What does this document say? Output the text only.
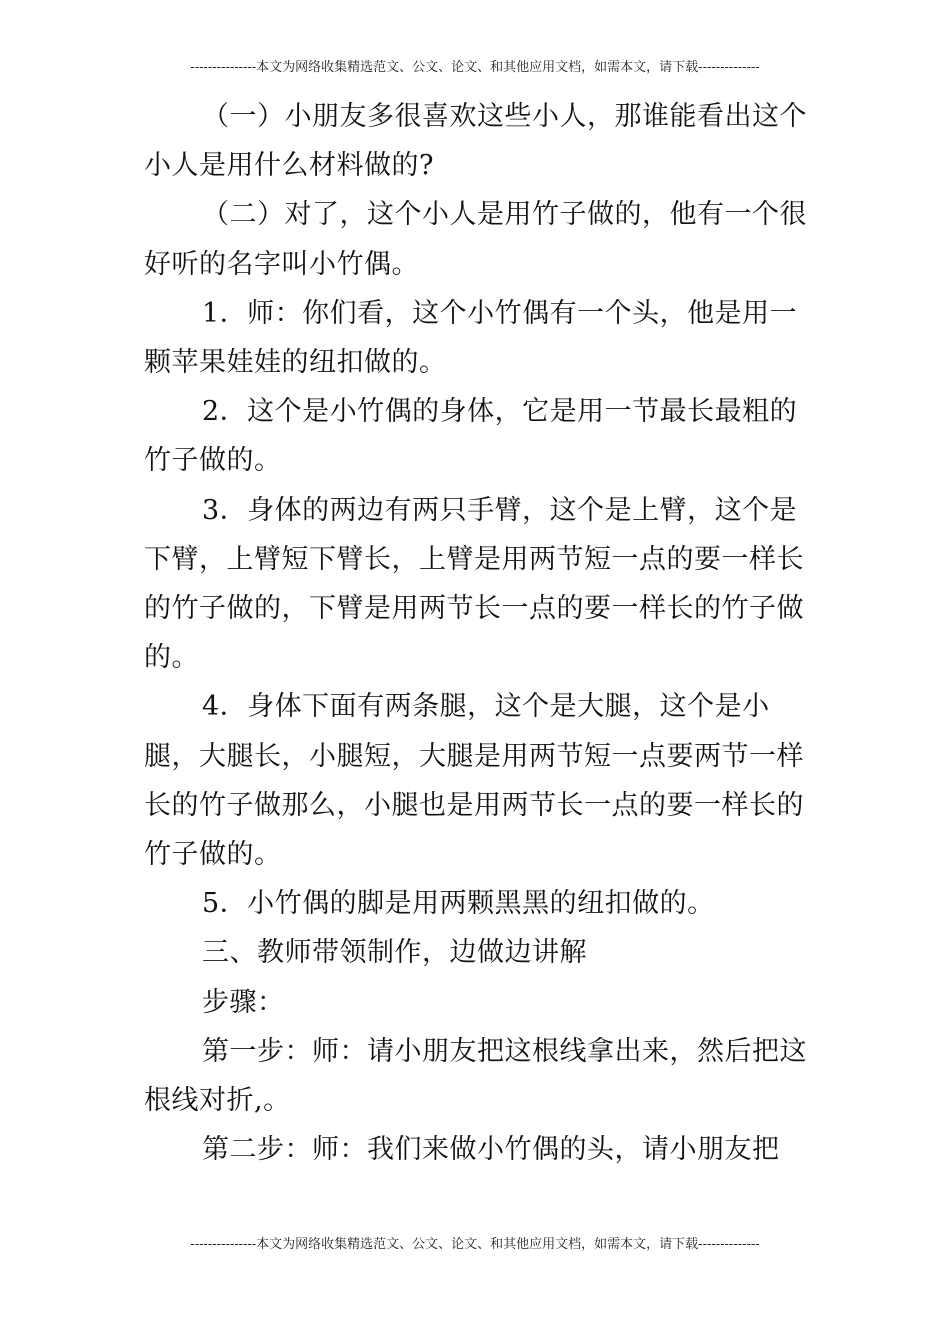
---------------本文为网络收集精选范文、公文、论文、和其他应用文档，如需本文，请下载--------------

（一）小朋友多很喜欢这些小人，那谁能看出这个小人是用什么材料做的?

（二）对了，这个小人是用竹子做的，他有一个很好听的名字叫小竹偶。

1．师：你们看，这个小竹偶有一个头，他是用一颗苹果娃娃的纽扣做的。

2．这个是小竹偶的身体，它是用一节最长最粗的竹子做的。

3．身体的两边有两只手臂，这个是上臂，这个是下臂，上臂短下臂长，上臂是用两节短一点的要一样长的竹子做的，下臂是用两节长一点的要一样长的竹子做的。

4．身体下面有两条腿，这个是大腿，这个是小腿，大腿长，小腿短，大腿是用两节短一点要两节一样长的竹子做那么，小腿也是用两节长一点的要一样长的竹子做的。

5．小竹偶的脚是用两颗黑黑的纽扣做的。

三、教师带领制作，边做边讲解

步骤：

第一步：师：请小朋友把这根线拿出来，然后把这根线对折,。

第二步：师：我们来做小竹偶的头，请小朋友把

---------------本文为网络收集精选范文、公文、论文、和其他应用文档，如需本文，请下载--------------
